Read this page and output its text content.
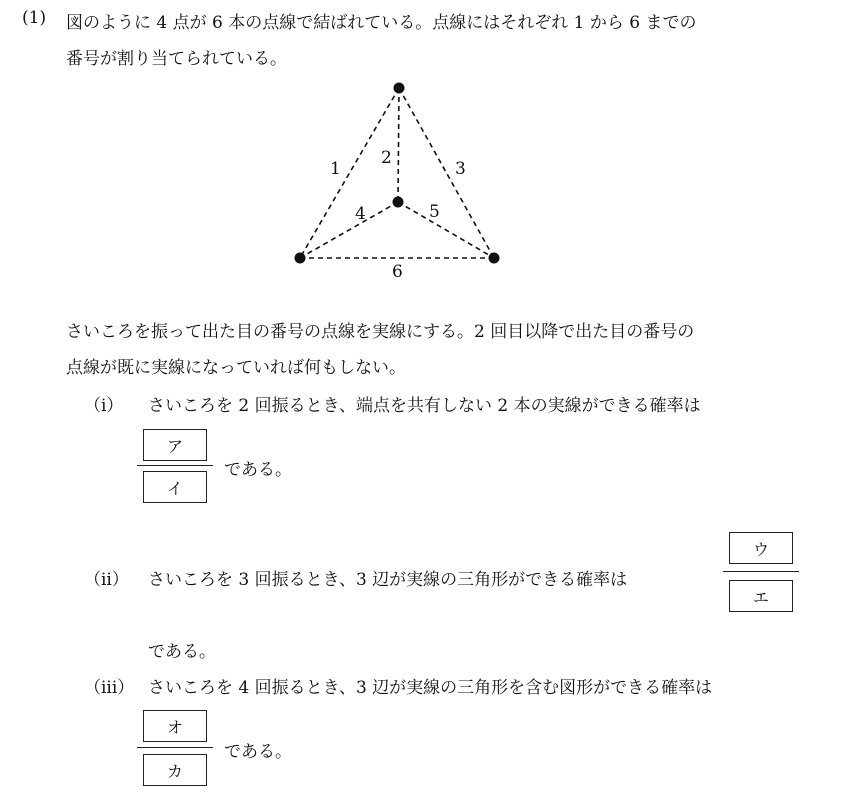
(1) 図のように 4 点が 6 本の点線で結ばれている。点線にはそれぞれ 1 から 6 までの
番号が割り当てられている。
1
2
3
4	5
6
さいころを振って出た目の番号の点線を実線にする。2 回目以降で出た目の番号の
点線が既に実線になっていれば何もしない。
（i） さいころを 2 回振るとき、端点を共有しない 2 本の実線ができる確率は
ア
イ
である。
（ii） さいころを 3 回振るとき、3 辺が実線の三角形ができる確率は
ウ
エ
である。
（iii） さいころを 4 回振るとき、3 辺が実線の三角形を含む図形ができる確率は
オ
カ
である。
